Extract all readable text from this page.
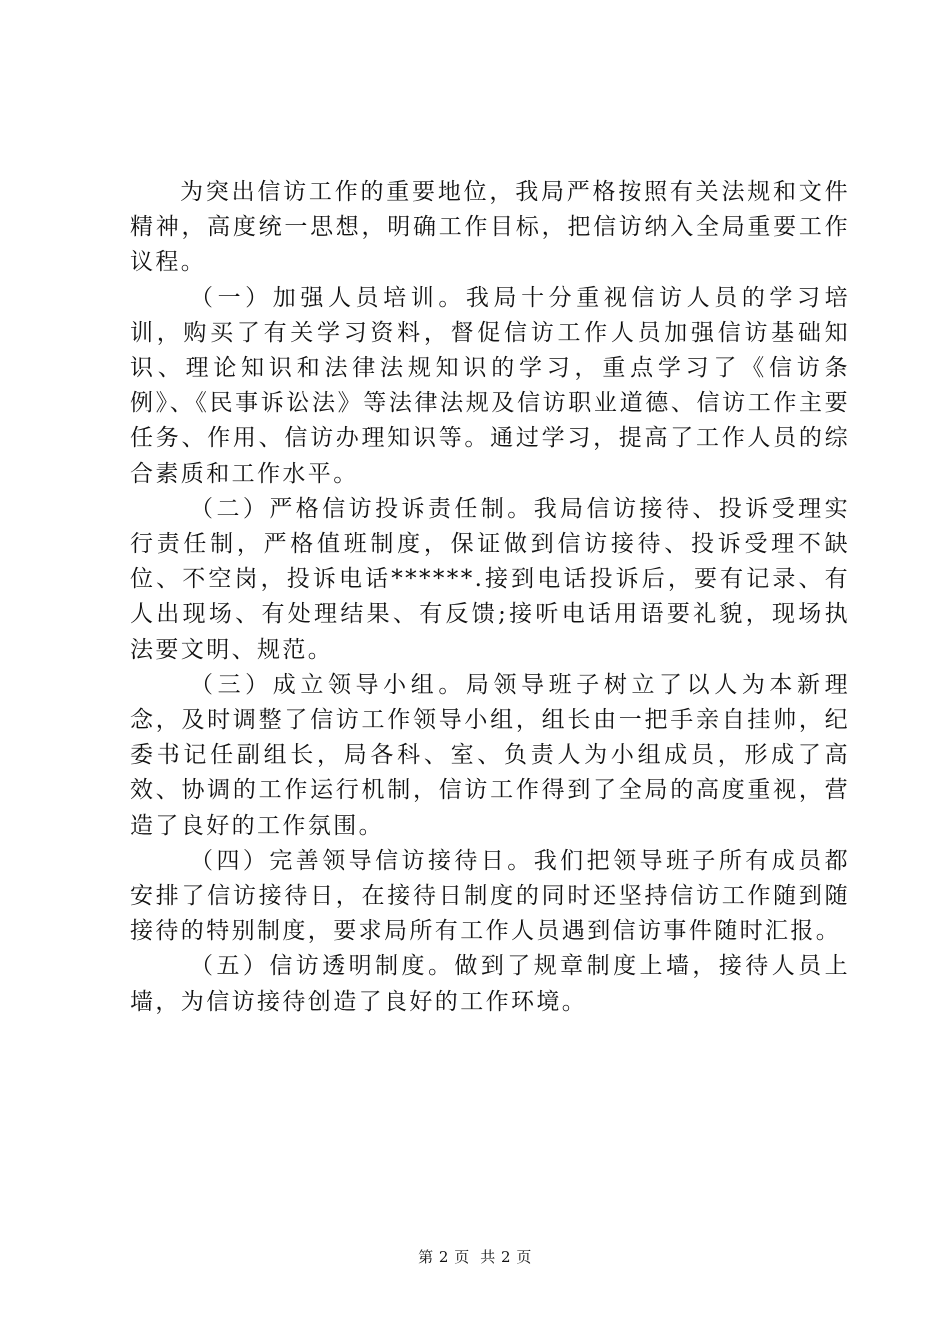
为突出信访工作的重要地位，我局严格按照有关法规和文件精神，高度统一思想，明确工作目标，把信访纳入全局重要工作议程。

（一）加强人员培训。我局十分重视信访人员的学习培训，购买了有关学习资料，督促信访工作人员加强信访基础知识、理论知识和法律法规知识的学习，重点学习了《信访条例》、《民事诉讼法》等法律法规及信访职业道德、信访工作主要任务、作用、信访办理知识等。通过学习，提高了工作人员的综合素质和工作水平。

（二）严格信访投诉责任制。我局信访接待、投诉受理实行责任制，严格值班制度，保证做到信访接待、投诉受理不缺位、不空岗，投诉电话******.接到电话投诉后，要有记录、有人出现场、有处理结果、有反馈;接听电话用语要礼貌，现场执法要文明、规范。

（三）成立领导小组。局领导班子树立了以人为本新理念，及时调整了信访工作领导小组，组长由一把手亲自挂帅，纪委书记任副组长，局各科、室、负责人为小组成员，形成了高效、协调的工作运行机制，信访工作得到了全局的高度重视，营造了良好的工作氛围。

（四）完善领导信访接待日。我们把领导班子所有成员都安排了信访接待日，在接待日制度的同时还坚持信访工作随到随接待的特别制度，要求局所有工作人员遇到信访事件随时汇报。

（五）信访透明制度。做到了规章制度上墙，接待人员上墙，为信访接待创造了良好的工作环境。

第 2 页  共 2 页
